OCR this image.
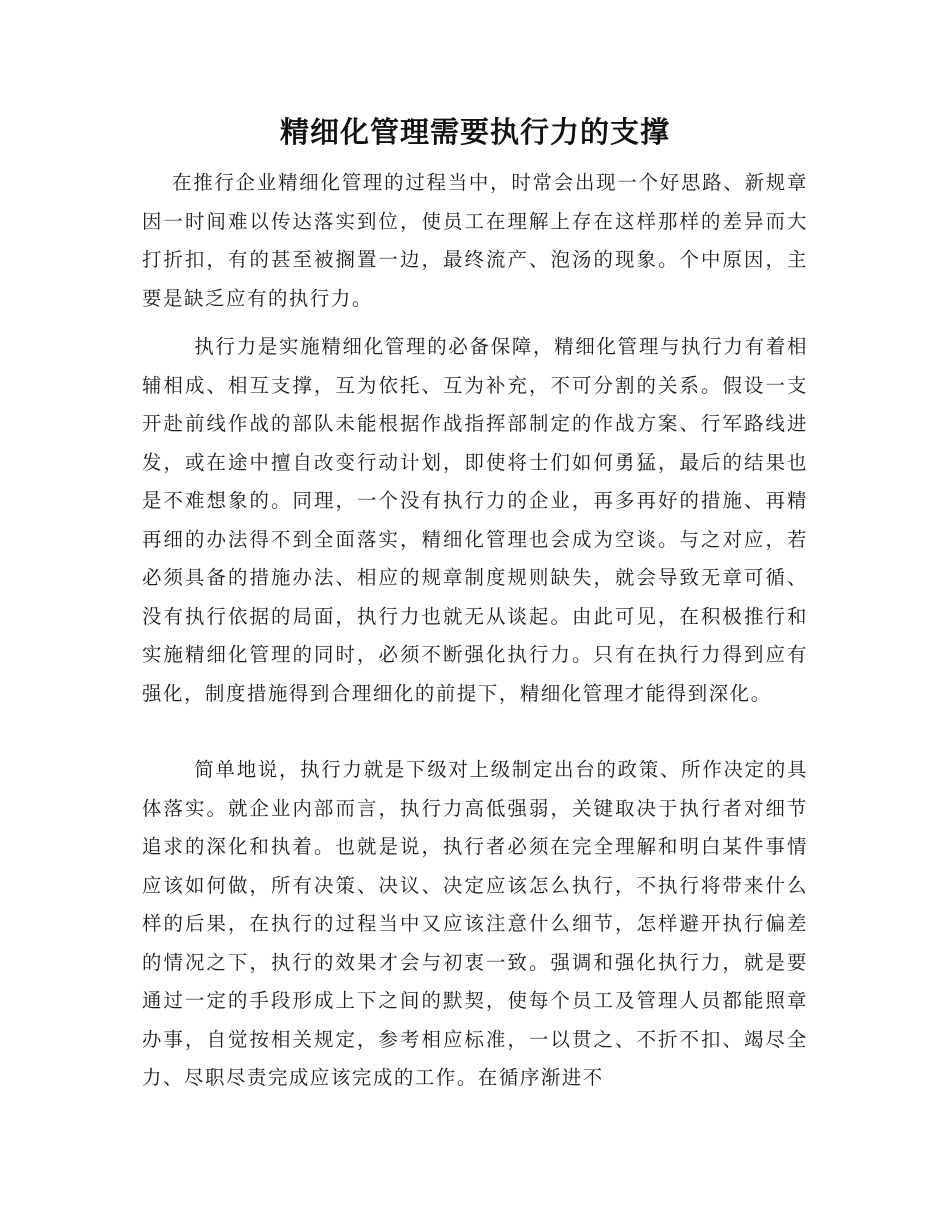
精细化管理需要执行力的支撑

在推行企业精细化管理的过程当中，时常会出现一个好思路、新规章因一时间难以传达落实到位，使员工在理解上存在这样那样的差异而大打折扣，有的甚至被搁置一边，最终流产、泡汤的现象。个中原因，主要是缺乏应有的执行力。

执行力是实施精细化管理的必备保障，精细化管理与执行力有着相辅相成、相互支撑，互为依托、互为补充，不可分割的关系。假设一支开赴前线作战的部队未能根据作战指挥部制定的作战方案、行军路线进发，或在途中擅自改变行动计划，即使将士们如何勇猛，最后的结果也是不难想象的。同理，一个没有执行力的企业，再多再好的措施、再精再细的办法得不到全面落实，精细化管理也会成为空谈。与之对应，若必须具备的措施办法、相应的规章制度规则缺失，就会导致无章可循、没有执行依据的局面，执行力也就无从谈起。由此可见，在积极推行和实施精细化管理的同时，必须不断强化执行力。只有在执行力得到应有强化，制度措施得到合理细化的前提下，精细化管理才能得到深化。

简单地说，执行力就是下级对上级制定出台的政策、所作决定的具体落实。就企业内部而言，执行力高低强弱，关键取决于执行者对细节追求的深化和执着。也就是说，执行者必须在完全理解和明白某件事情应该如何做，所有决策、决议、决定应该怎么执行，不执行将带来什么样的后果，在执行的过程当中又应该注意什么细节，怎样避开执行偏差的情况之下，执行的效果才会与初衷一致。强调和强化执行力，就是要通过一定的手段形成上下之间的默契，使每个员工及管理人员都能照章办事，自觉按相关规定，参考相应标准，一以贯之、不折不扣、竭尽全力、尽职尽责完成应该完成的工作。在循序渐进不
